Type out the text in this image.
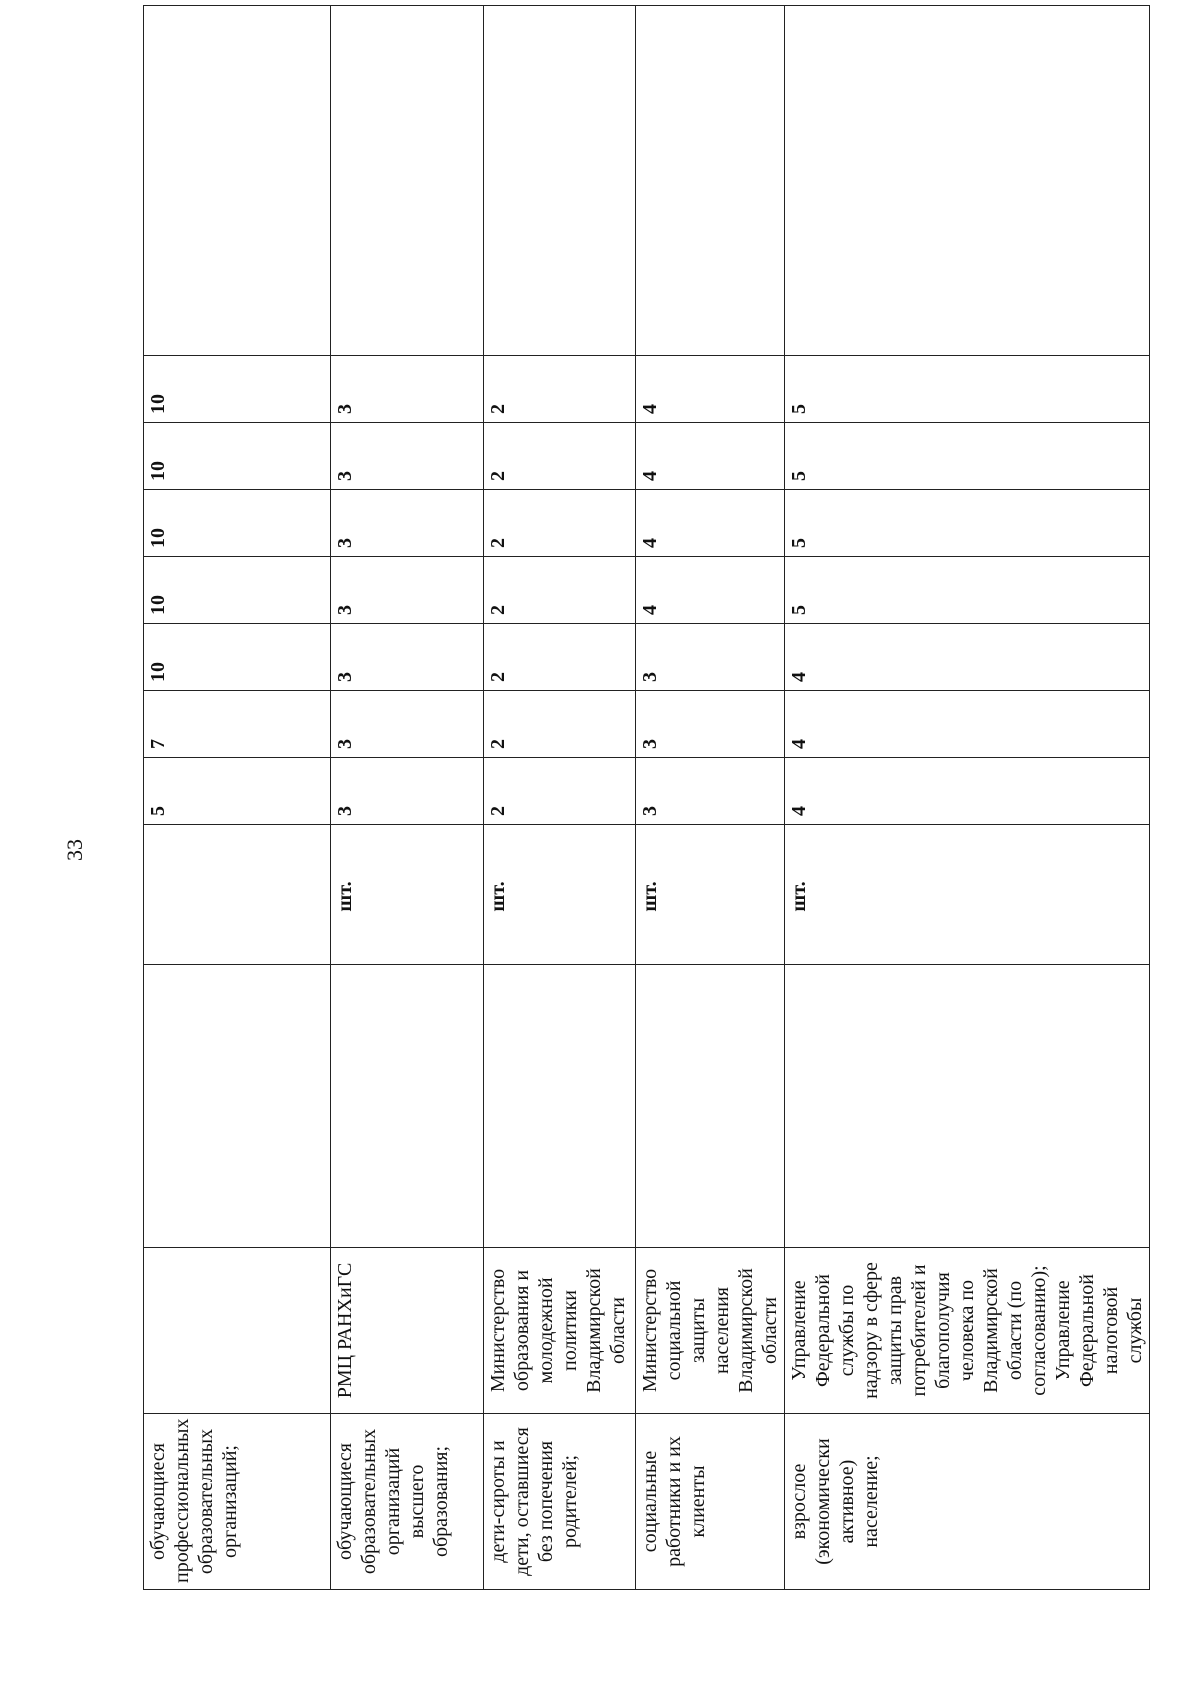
33
обучающиеся профессиональных образовательных организаций;				5	7	10	10	10	10	10	
обучающиеся образовательных организаций высшего образования;	РМЦ РАНХиГС		шт.	3	3	3	3	3	3	3	
дети-сироты и дети, оставшиеся без попечения родителей;	Министерство образования и молодежной политики Владимирской области		шт.	2	2	2	2	2	2	2	
социальные работники и их клиенты	Министерство социальной защиты населения Владимирской области		шт.	3	3	3	4	4	4	4	
взрослое (экономически активное) население;	Управление Федеральной службы по надзору в сфере защиты прав потребителей и благополучия человека по Владимирской области (по согласованию); Управление Федеральной налоговой службы		шт.	4	4	4	5	5	5	5	
